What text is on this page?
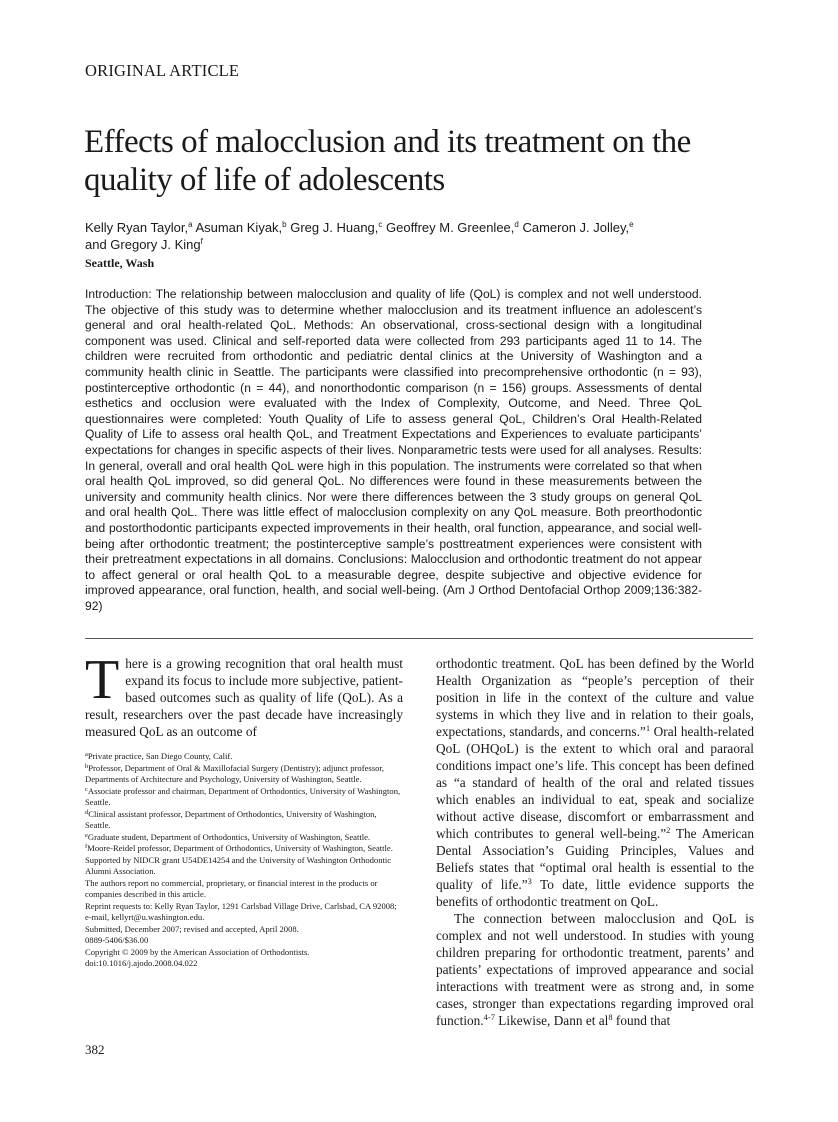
ORIGINAL ARTICLE
Effects of malocclusion and its treatment on the quality of life of adolescents
Kelly Ryan Taylor,$^a$ Asuman Kiyak,$^b$ Greg J. Huang,$^c$ Geoffrey M. Greenlee,$^d$ Cameron J. Jolley,$^e$
and Gregory J. King$^f$
Seattle, Wash

Introduction: The relationship between malocclusion and quality of life (QoL) is complex and not well understood. The objective of this study was to determine whether malocclusion and its treatment influence an adolescent’s general and oral health-related QoL. Methods: An observational, cross-sectional design with a longitudinal component was used. Clinical and self-reported data were collected from 293 participants aged 11 to 14. The children were recruited from orthodontic and pediatric dental clinics at the University of Washington and a community health clinic in Seattle. The participants were classified into precomprehensive orthodontic (n = 93), postinterceptive orthodontic (n = 44), and nonorthodontic comparison (n = 156) groups. Assessments of dental esthetics and occlusion were evaluated with the Index of Complexity, Outcome, and Need. Three QoL questionnaires were completed: Youth Quality of Life to assess general QoL, Children’s Oral Health-Related Quality of Life to assess oral health QoL, and Treatment Expectations and Experiences to evaluate participants’ expectations for changes in specific aspects of their lives. Nonparametric tests were used for all analyses. Results: In general, overall and oral health QoL were high in this population. The instruments were correlated so that when oral health QoL improved, so did general QoL. No differences were found in these measurements between the university and community health clinics. Nor were there differences between the 3 study groups on general QoL and oral health QoL. There was little effect of malocclusion complexity on any QoL measure. Both preorthodontic and postorthodontic participants expected improvements in their health, oral function, appearance, and social well-being after orthodontic treatment; the postinterceptive sample’s posttreatment experiences were consistent with their pretreatment expectations in all domains. Conclusions: Malocclusion and orthodontic treatment do not appear to affect general or oral health QoL to a measurable degree, despite subjective and objective evidence for improved appearance, oral function, health, and social well-being. (Am J Orthod Dentofacial Orthop 2009;136:382-92)

There is a growing recognition that oral health must expand its focus to include more subjective, patient-based outcomes such as quality of life (QoL). As a result, researchers over the past decade have increasingly measured QoL as an outcome of

$^a$Private practice, San Diego County, Calif.
$^b$Professor, Department of Oral & Maxillofacial Surgery (Dentistry); adjunct professor, Departments of Architecture and Psychology, University of Washington, Seattle.
$^c$Associate professor and chairman, Department of Orthodontics, University of Washington, Seattle.
$^d$Clinical assistant professor, Department of Orthodontics, University of Washington, Seattle.
$^e$Graduate student, Department of Orthodontics, University of Washington, Seattle.
$^f$Moore-Reidel professor, Department of Orthodontics, University of Washington, Seattle.
Supported by NIDCR grant U54DE14254 and the University of Washington Orthodontic Alumni Association.
The authors report no commercial, proprietary, or financial interest in the products or companies described in this article.
Reprint requests to: Kelly Ryan Taylor, 1291 Carlsbad Village Drive, Carlsbad, CA 92008; e-mail, kellyrt@u.washington.edu.
Submitted, December 2007; revised and accepted, April 2008.
0889-5406/$36.00
Copyright © 2009 by the American Association of Orthodontists.
doi:10.1016/j.ajodo.2008.04.022

orthodontic treatment. QoL has been defined by the World Health Organization as “people’s perception of their position in life in the context of the culture and value systems in which they live and in relation to their goals, expectations, standards, and concerns.”$^1$ Oral health-related QoL (OHQoL) is the extent to which oral and paraoral conditions impact one’s life. This concept has been defined as “a standard of health of the oral and related tissues which enables an individual to eat, speak and socialize without active disease, discomfort or embarrassment and which contributes to general well-being.”$^2$ The American Dental Association’s Guiding Principles, Values and Beliefs states that “optimal oral health is essential to the quality of life.”$^3$ To date, little evidence supports the benefits of orthodontic treatment on QoL.

The connection between malocclusion and QoL is complex and not well understood. In studies with young children preparing for orthodontic treatment, parents’ and patients’ expectations of improved appearance and social interactions with treatment were as strong and, in some cases, stronger than expectations regarding improved oral function.$^{4-7}$ Likewise, Dann et $al^8$ found that

382
